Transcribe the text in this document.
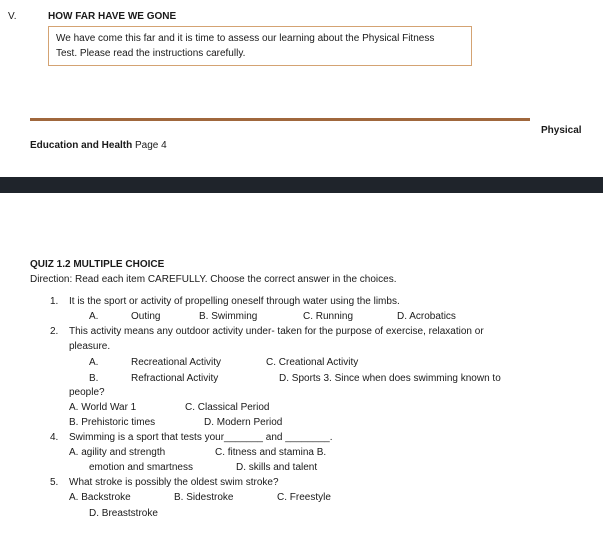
V.	HOW FAR HAVE WE GONE
We have come this far and it is time to assess our learning about the Physical Fitness
Test. Please read the instructions carefully.
Physical
Education and Health Page 4
QUIZ 1.2 MULTIPLE CHOICE
Direction: Read each item CAREFULLY. Choose the correct answer in the choices.
1. It is the sport or activity of propelling oneself through water using the limbs.
A.	Outing	B. Swimming	C. Running	D. Acrobatics
2. This activity means any outdoor activity under- taken for the purpose of exercise, relaxation or
pleasure.
A.	Recreational Activity	C. Creational Activity
B.	Refractional Activity	D. Sports 3. Since when does swimming known to
people?
A. World War 1	C. Classical Period
B. Prehistoric times	D. Modern Period
4. Swimming is a sport that tests your_______ and ________.
A. agility and strength	C. fitness and stamina B.
emotion and smartness	D. skills and talent
5. What stroke is possibly the oldest swim stroke?
A. Backstroke	B. Sidestroke	C. Freestyle
D. Breaststroke
